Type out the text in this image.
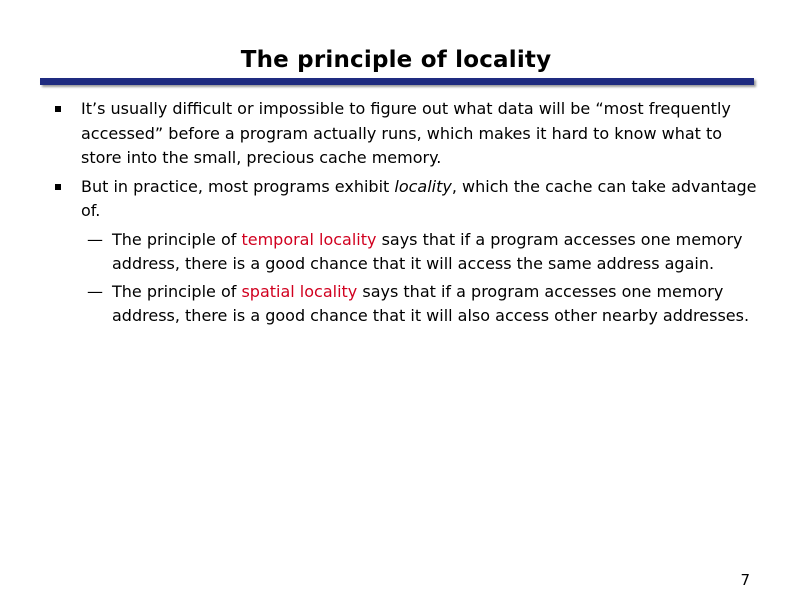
The principle of locality
It’s usually difficult or impossible to figure out what data will be “most frequently accessed” before a program actually runs, which makes it hard to know what to store into the small, precious cache memory.
But in practice, most programs exhibit locality, which the cache can take advantage of.
— The principle of temporal locality says that if a program accesses one memory address, there is a good chance that it will access the same address again.
— The principle of spatial locality says that if a program accesses one memory address, there is a good chance that it will also access other nearby addresses.
7
